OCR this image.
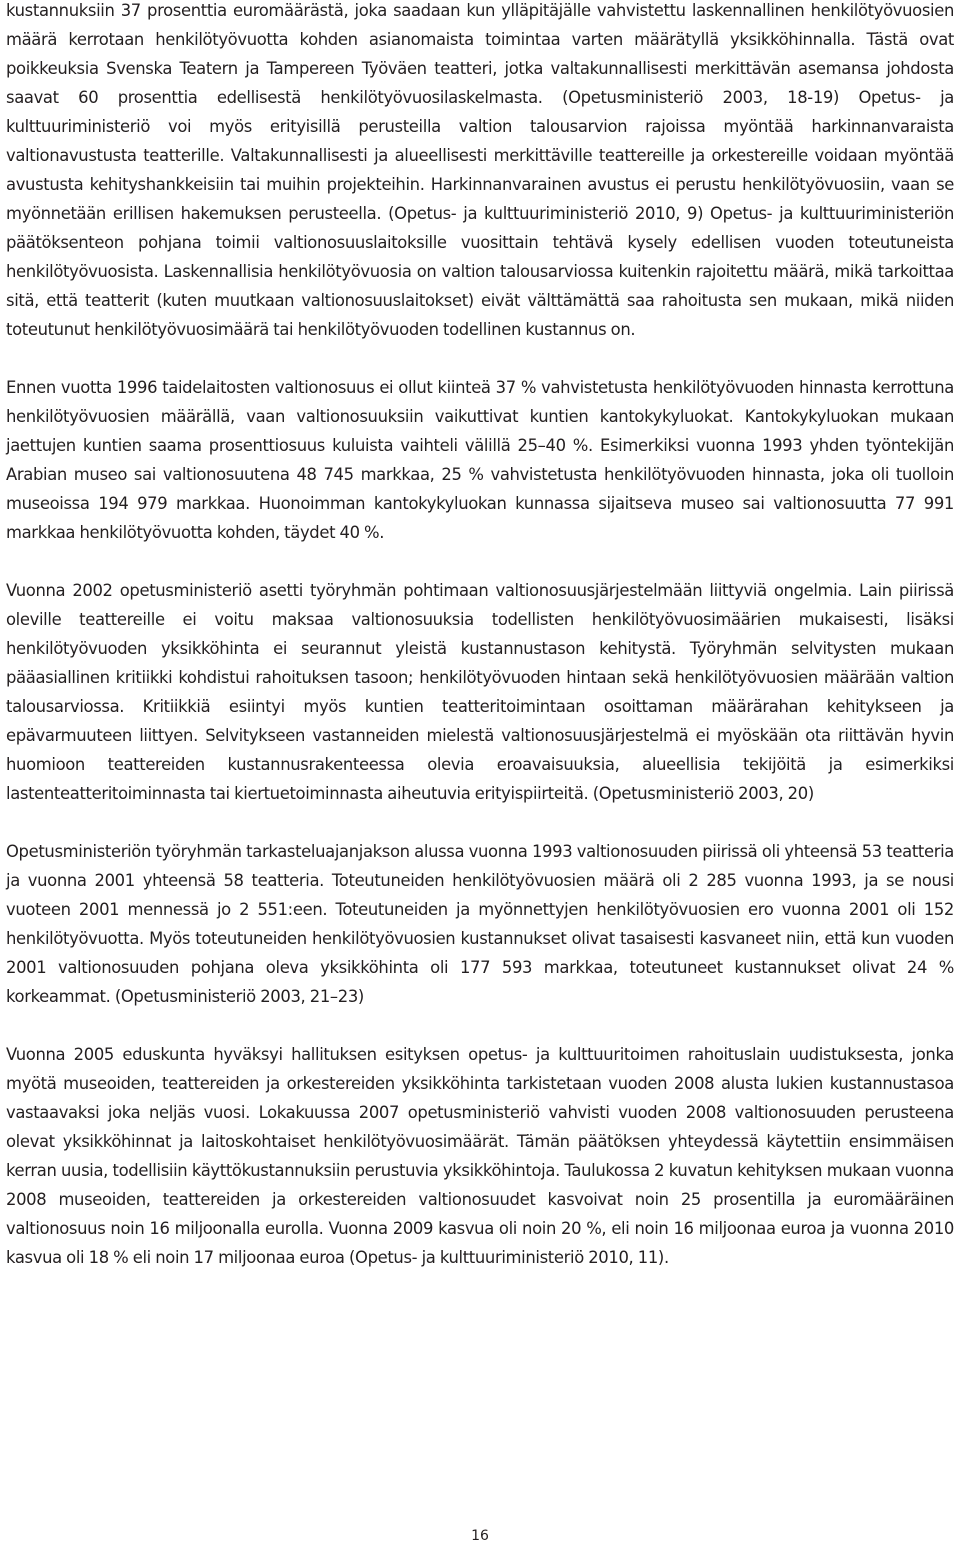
kustannuksiin 37 prosenttia euromäärästä, joka saadaan kun ylläpitäjälle vahvistettu laskennallinen henkilötyövuosien määrä kerrotaan henkilötyövuotta kohden asianomaista toimintaa varten määrätyllä yksikköhinnalla. Tästä ovat poikkeuksia Svenska Teatern ja Tampereen Työväen teatteri, jotka valtakunnallisesti merkittävän asemansa johdosta saavat 60 prosenttia edellisestä henkilötyövuosilaskelmasta. (Opetusministeriö 2003, 18-19) Opetus- ja kulttuuriministeriö voi myös erityisillä perusteilla valtion talousarvion rajoissa myöntää harkinnanvaraista valtionavustusta teatterille. Valtakunnallisesti ja alueellisesti merkittäville teattereille ja orkestereille voidaan myöntää avustusta kehityshankkeisiin tai muihin projekteihin. Harkinnanvarainen avustus ei perustu henkilötyövuosiin, vaan se myönnetään erillisen hakemuksen perusteella. (Opetus- ja kulttuuriministeriö 2010, 9) Opetus- ja kulttuuriministeriön päätöksenteon pohjana toimii valtionosuuslaitoksille vuosittain tehtävä kysely edellisen vuoden toteutuneista henkilötyövuosista. Laskennallisia henkilötyövuosia on valtion talousarviossa kuitenkin rajoitettu määrä, mikä tarkoittaa sitä, että teatterit (kuten muutkaan valtionosuuslaitokset) eivät välttämättä saa rahoitusta sen mukaan, mikä niiden toteutunut henkilötyövuosimäärä tai henkilötyövuoden todellinen kustannus on.

Ennen vuotta 1996 taidelaitosten valtionosuus ei ollut kiinteä 37 % vahvistetusta henkilötyövuoden hinnasta kerrottuna henkilötyövuosien määrällä, vaan valtionosuuksiin vaikuttivat kuntien kantokykyluokat. Kantokykyluokan mukaan jaettujen kuntien saama prosenttiosuus kuluista vaihteli välillä 25–40 %. Esimerkiksi vuonna 1993 yhden työntekijän Arabian museo sai valtionosuutena 48 745 markkaa, 25 % vahvistetusta henkilötyövuoden hinnasta, joka oli tuolloin museoissa 194 979 markkaa. Huonoimman kantokykyluokan kunnassa sijaitseva museo sai valtionosuutta 77 991 markkaa henkilötyövuotta kohden, täydet 40 %.

Vuonna 2002 opetusministeriö asetti työryhmän pohtimaan valtionosuusjärjestelmään liittyviä ongelmia. Lain piirissä oleville teattereille ei voitu maksaa valtionosuuksia todellisten henkilötyövuosimäärien mukaisesti, lisäksi henkilötyövuoden yksikköhinta ei seurannut yleistä kustannustason kehitystä. Työryhmän selvitysten mukaan pääasiallinen kritiikki kohdistui rahoituksen tasoon; henkilötyövuoden hintaan sekä henkilötyövuosien määrään valtion talousarviossa. Kritiikkiä esiintyi myös kuntien teatteritoimintaan osoittaman määrärahan kehitykseen ja epävarmuuteen liittyen. Selvitykseen vastanneiden mielestä valtionosuusjärjestelmä ei myöskään ota riittävän hyvin huomioon teattereiden kustannusrakenteessa olevia eroavaisuuksia, alueellisia tekijöitä ja esimerkiksi lastenteatteritoiminnasta tai kiertuetoiminnasta aiheutuvia erityispiirteitä. (Opetusministeriö 2003, 20)

Opetusministeriön työryhmän tarkasteluajanjakson alussa vuonna 1993 valtionosuuden piirissä oli yhteensä 53 teatteria ja vuonna 2001 yhteensä 58 teatteria. Toteutuneiden henkilötyövuosien määrä oli 2 285 vuonna 1993, ja se nousi vuoteen 2001 mennessä jo 2 551:een. Toteutuneiden ja myönnettyjen henkilötyövuosien ero vuonna 2001 oli 152 henkilötyövuotta. Myös toteutuneiden henkilötyövuosien kustannukset olivat tasaisesti kasvaneet niin, että kun vuoden 2001 valtionosuuden pohjana oleva yksikköhinta oli 177 593 markkaa, toteutuneet kustannukset olivat 24 % korkeammat. (Opetusministeriö 2003, 21–23)

Vuonna 2005 eduskunta hyväksyi hallituksen esityksen opetus- ja kulttuuritoimen rahoituslain uudistuksesta, jonka myötä museoiden, teattereiden ja orkestereiden yksikköhinta tarkistetaan vuoden 2008 alusta lukien kustannustasoa vastaavaksi joka neljäs vuosi. Lokakuussa 2007 opetusministeriö vahvisti vuoden 2008 valtionosuuden perusteena olevat yksikköhinnat ja laitoskohtaiset henkilötyövuosimäärät. Tämän päätöksen yhteydessä käytettiin ensimmäisen kerran uusia, todellisiin käyttökustannuksiin perustuvia yksikköhintoja. Taulukossa 2 kuvatun kehityksen mukaan vuonna 2008 museoiden, teattereiden ja orkestereiden valtionosuudet kasvoivat noin 25 prosentilla ja euromääräinen valtionosuus noin 16 miljoonalla eurolla. Vuonna 2009 kasvua oli noin 20 %, eli noin 16 miljoonaa euroa ja vuonna 2010 kasvua oli 18 % eli noin 17 miljoonaa euroa (Opetus- ja kulttuuriministeriö 2010, 11).

16
